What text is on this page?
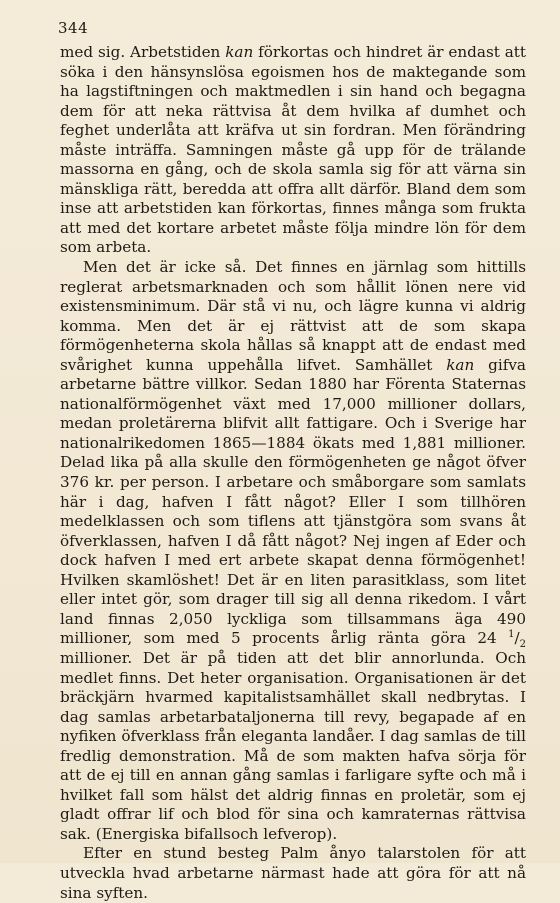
344

med sig. Arbetstiden kan förkortas och hindret är endast att söka i den hänsynslösa egoismen hos de maktegande som ha lagstiftningen och maktmedlen i sin hand och begagna dem för att neka rättvisa åt dem hvilka af dumhet och feghet underlåta att kräfva ut sin fordran. Men förändring måste inträffa. Samningen måste gå upp för de trälande massorna en gång, och de skola samla sig för att värna sin mänskliga rätt, beredda att offra allt därför. Bland dem som inse att arbetstiden kan förkortas, finnes många som frukta att med det kortare arbetet måste följa mindre lön för dem som arbeta.

Men det är icke så. Det finnes en järnlag som hittills reglerat arbetsmarknaden och som hållit lönen nere vid existensminimum. Där stå vi nu, och lägre kunna vi aldrig komma. Men det är ej rättvist att de som skapa förmögenheterna skola hållas så knappt att de endast med svårighet kunna uppehålla lifvet. Samhället kan gifva arbetarne bättre villkor. Sedan 1880 har Förenta Staternas nationalförmögenhet växt med 17,000 millioner dollars, medan proletärerna blifvit allt fattigare. Och i Sverige har nationalrikedomen 1865—1884 ökats med 1,881 millioner. Delad lika på alla skulle den förmögenheten ge något öfver 376 kr. per person. I arbetare och småborgare som samlats här i dag, hafven I fått något? Eller I som tillhören medelklassen och som tiflens att tjänstgöra som svans åt öfverklassen, hafven I då fått något? Nej ingen af Eder och dock hafven I med ert arbete skapat denna förmögenhet! Hvilken skamlöshet! Det är en liten parasitklass, som litet eller intet gör, som drager till sig all denna rikedom. I vårt land finnas 2,050 lyckliga som tillsammans äga 490 millioner, som med 5 procents årlig ränta göra 24 $^1/_2$ millioner. Det är på tiden att det blir annorlunda. Och medlet finns. Det heter organisation. Organisationen är det bräckjärn hvarmed kapitalistsamhället skall nedbrytas. I dag samlas arbetarbataljonerna till revy, begapade af en nyfiken öfverklass från eleganta landåer. I dag samlas de till fredlig demonstration. Må de som makten hafva sörja för att de ej till en annan gång samlas i farligare syfte och må i hvilket fall som hälst det aldrig finnas en proletär, som ej gladt offrar lif och blod för sina och kamraternas rättvisa sak. (Energiska bifallsoch lefverop).

Efter en stund besteg Palm ånyo talarstolen för att utveckla hvad arbetarne närmast hade att göra för att nå sina syften.
